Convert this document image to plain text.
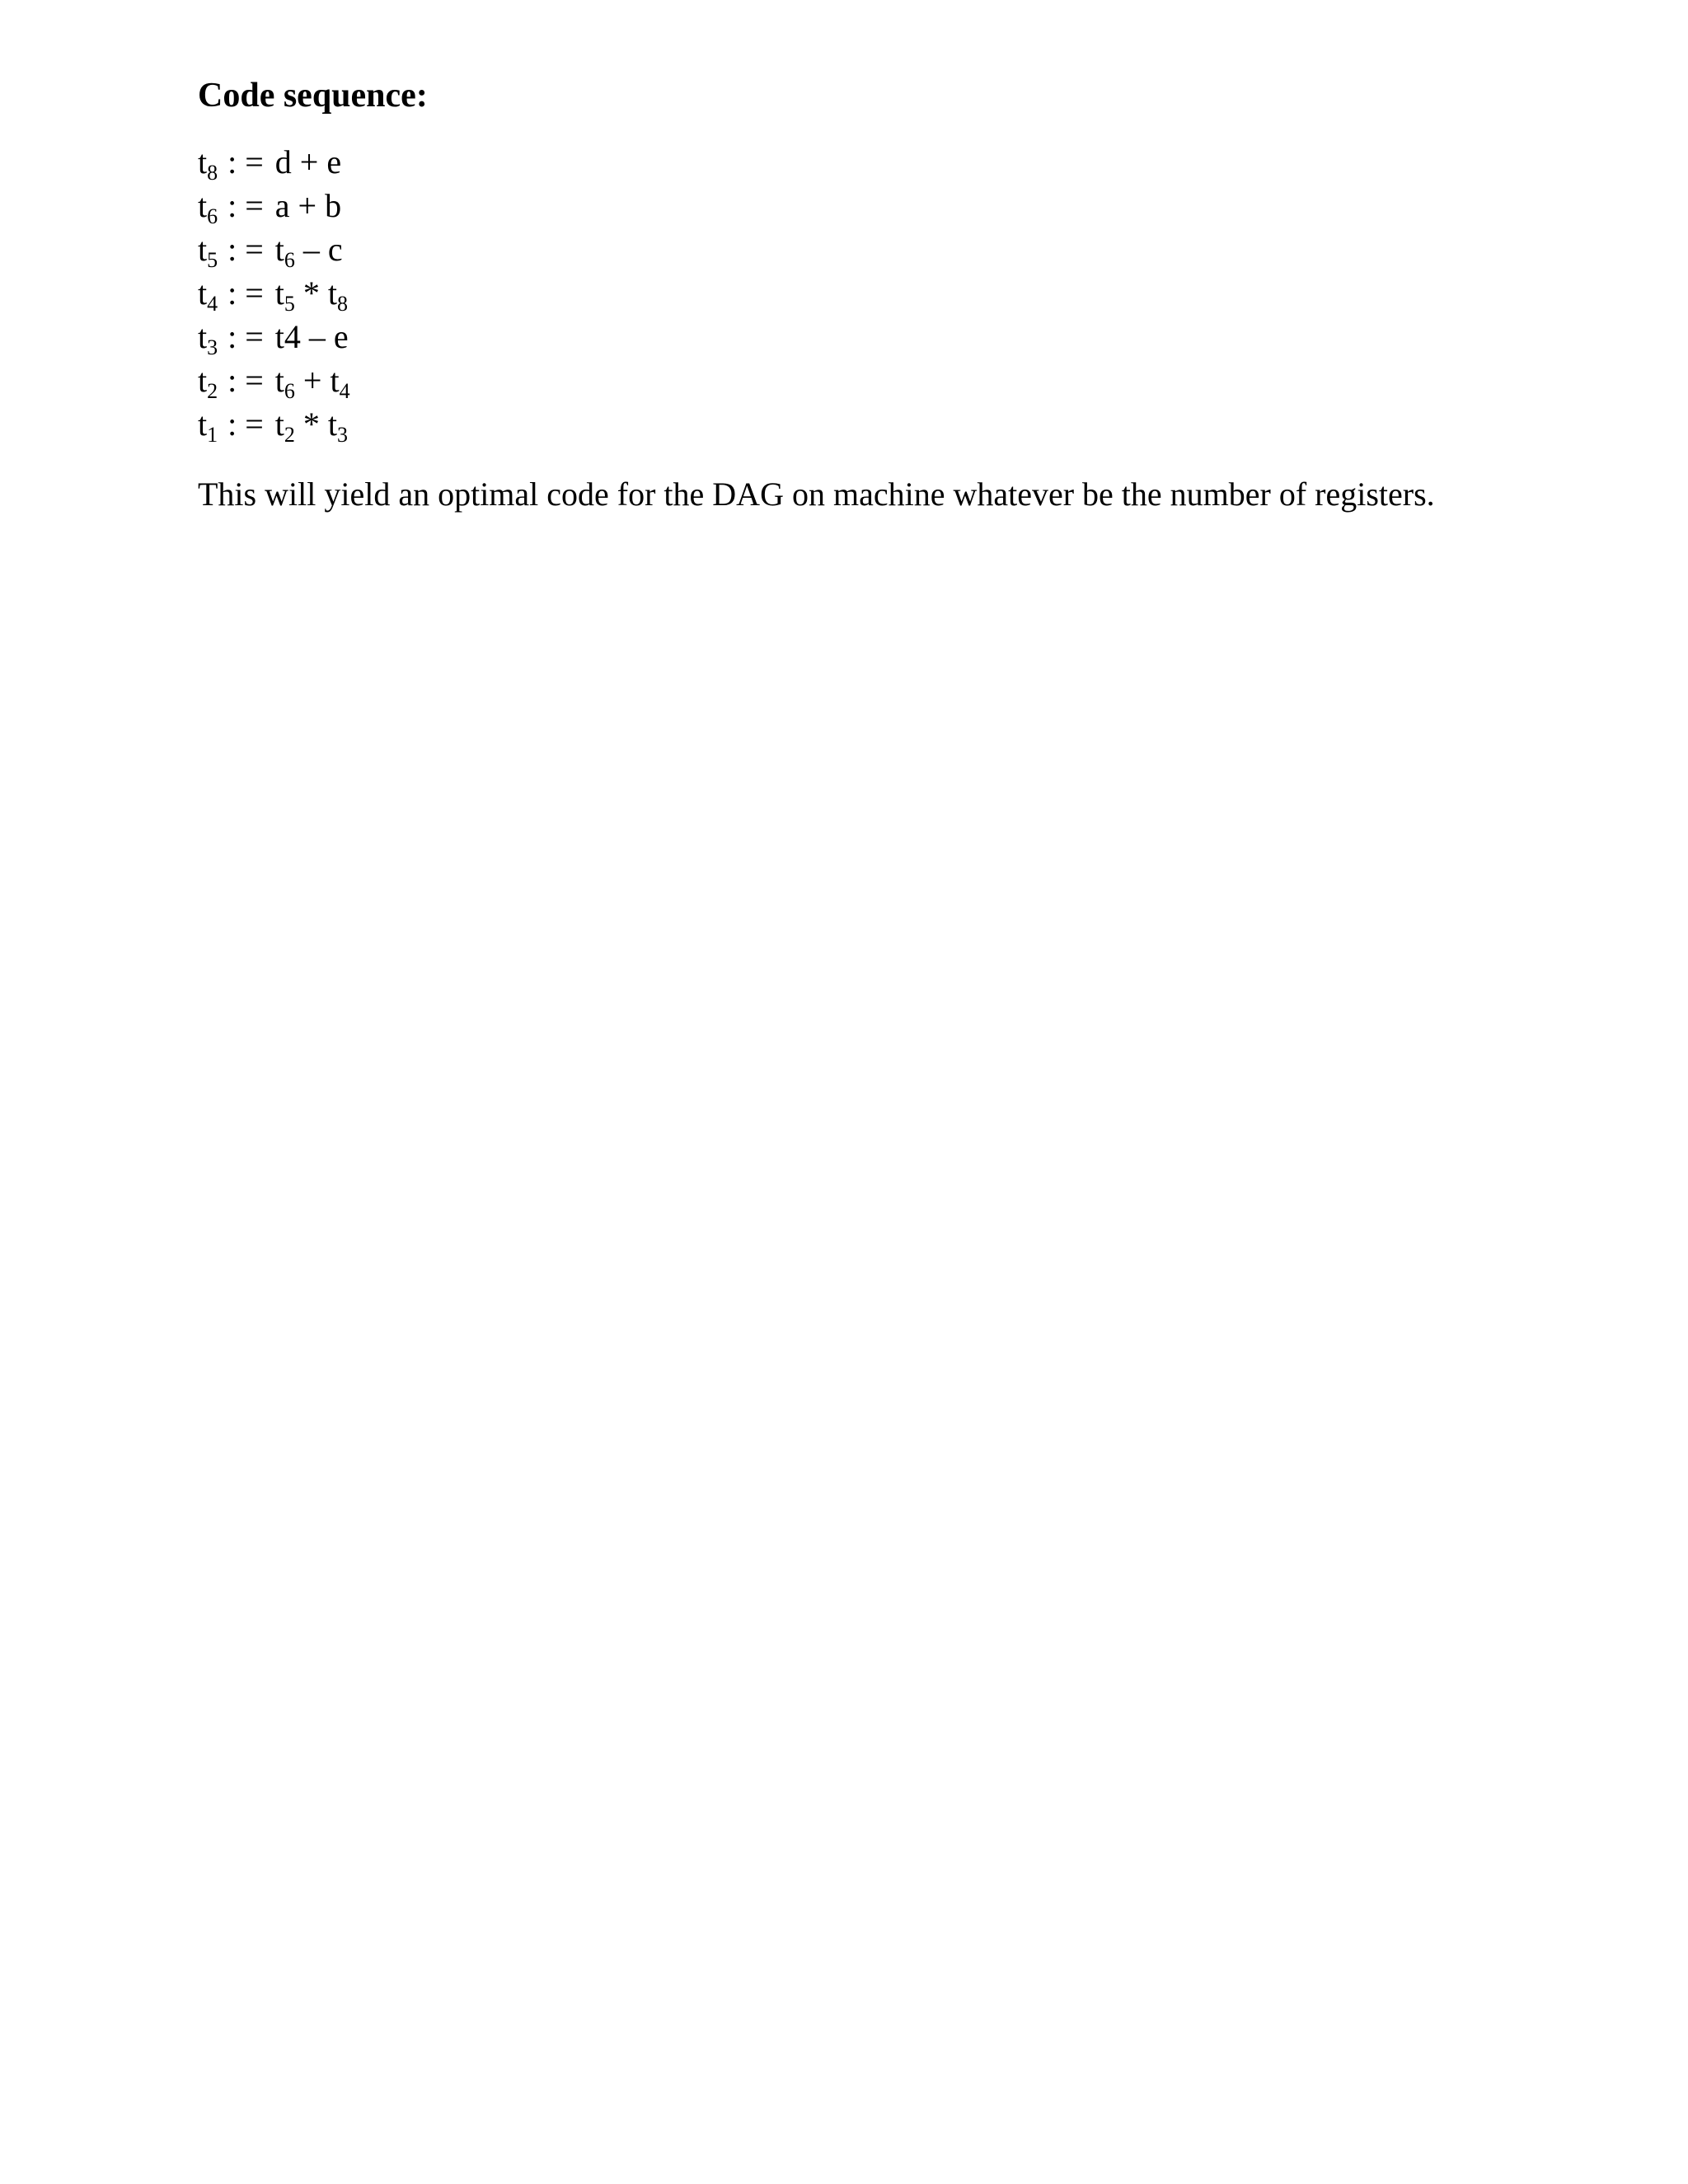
Code sequence:
$t_8$ : = d + e
$t_6$ : = a + b
$t_5$ : = $t_6$ – c
$t_4$ : = $t_5 * t_8$
$t_3$ : = t4 – e
$t_2$ : = $t_6 + t_4$
$t_1$ : = $t_2 * t_3$

This will yield an optimal code for the DAG on machine whatever be the number of registers.
